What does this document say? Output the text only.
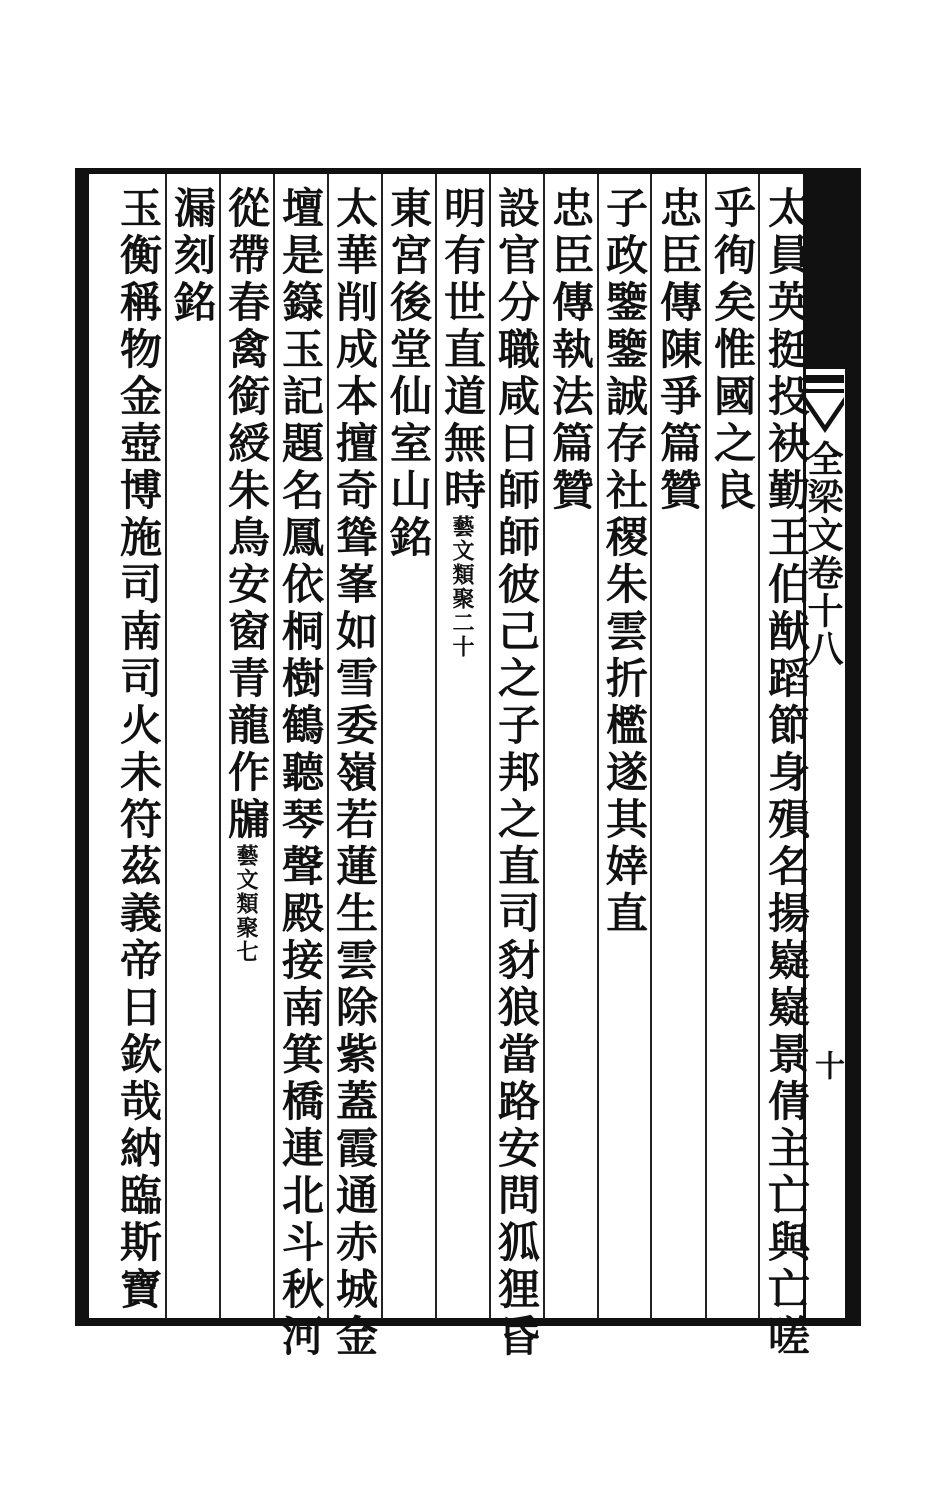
全梁文卷十八
十
太員英挺投袂勤王伯猷蹈節身殞名揚嶷嶷景倩主亡與亡嗟
乎徇矣惟國之良
忠臣傳陳爭篇贊
子政鑒鑒誠存社稷朱雲折檻遂其婞直
忠臣傳執法篇贊
設官分職咸日師師彼己之子邦之直司豺狼當路安問狐狸昏
明有世直道無時藝文類聚二十
東宮後堂仙室山銘
太華削成本擅奇聳峯如雪委嶺若蓮生雲除紫蓋霞通赤城金
壇是籙玉記題名鳳依桐樹鶴聽琴聲殿接南箕橋連北斗秋河
從帶春禽銜綬朱鳥安窗青龍作牖藝文類聚七
漏刻銘
玉衡稱物金壺博施司南司火未符茲義帝日欽哉納臨斯寶
